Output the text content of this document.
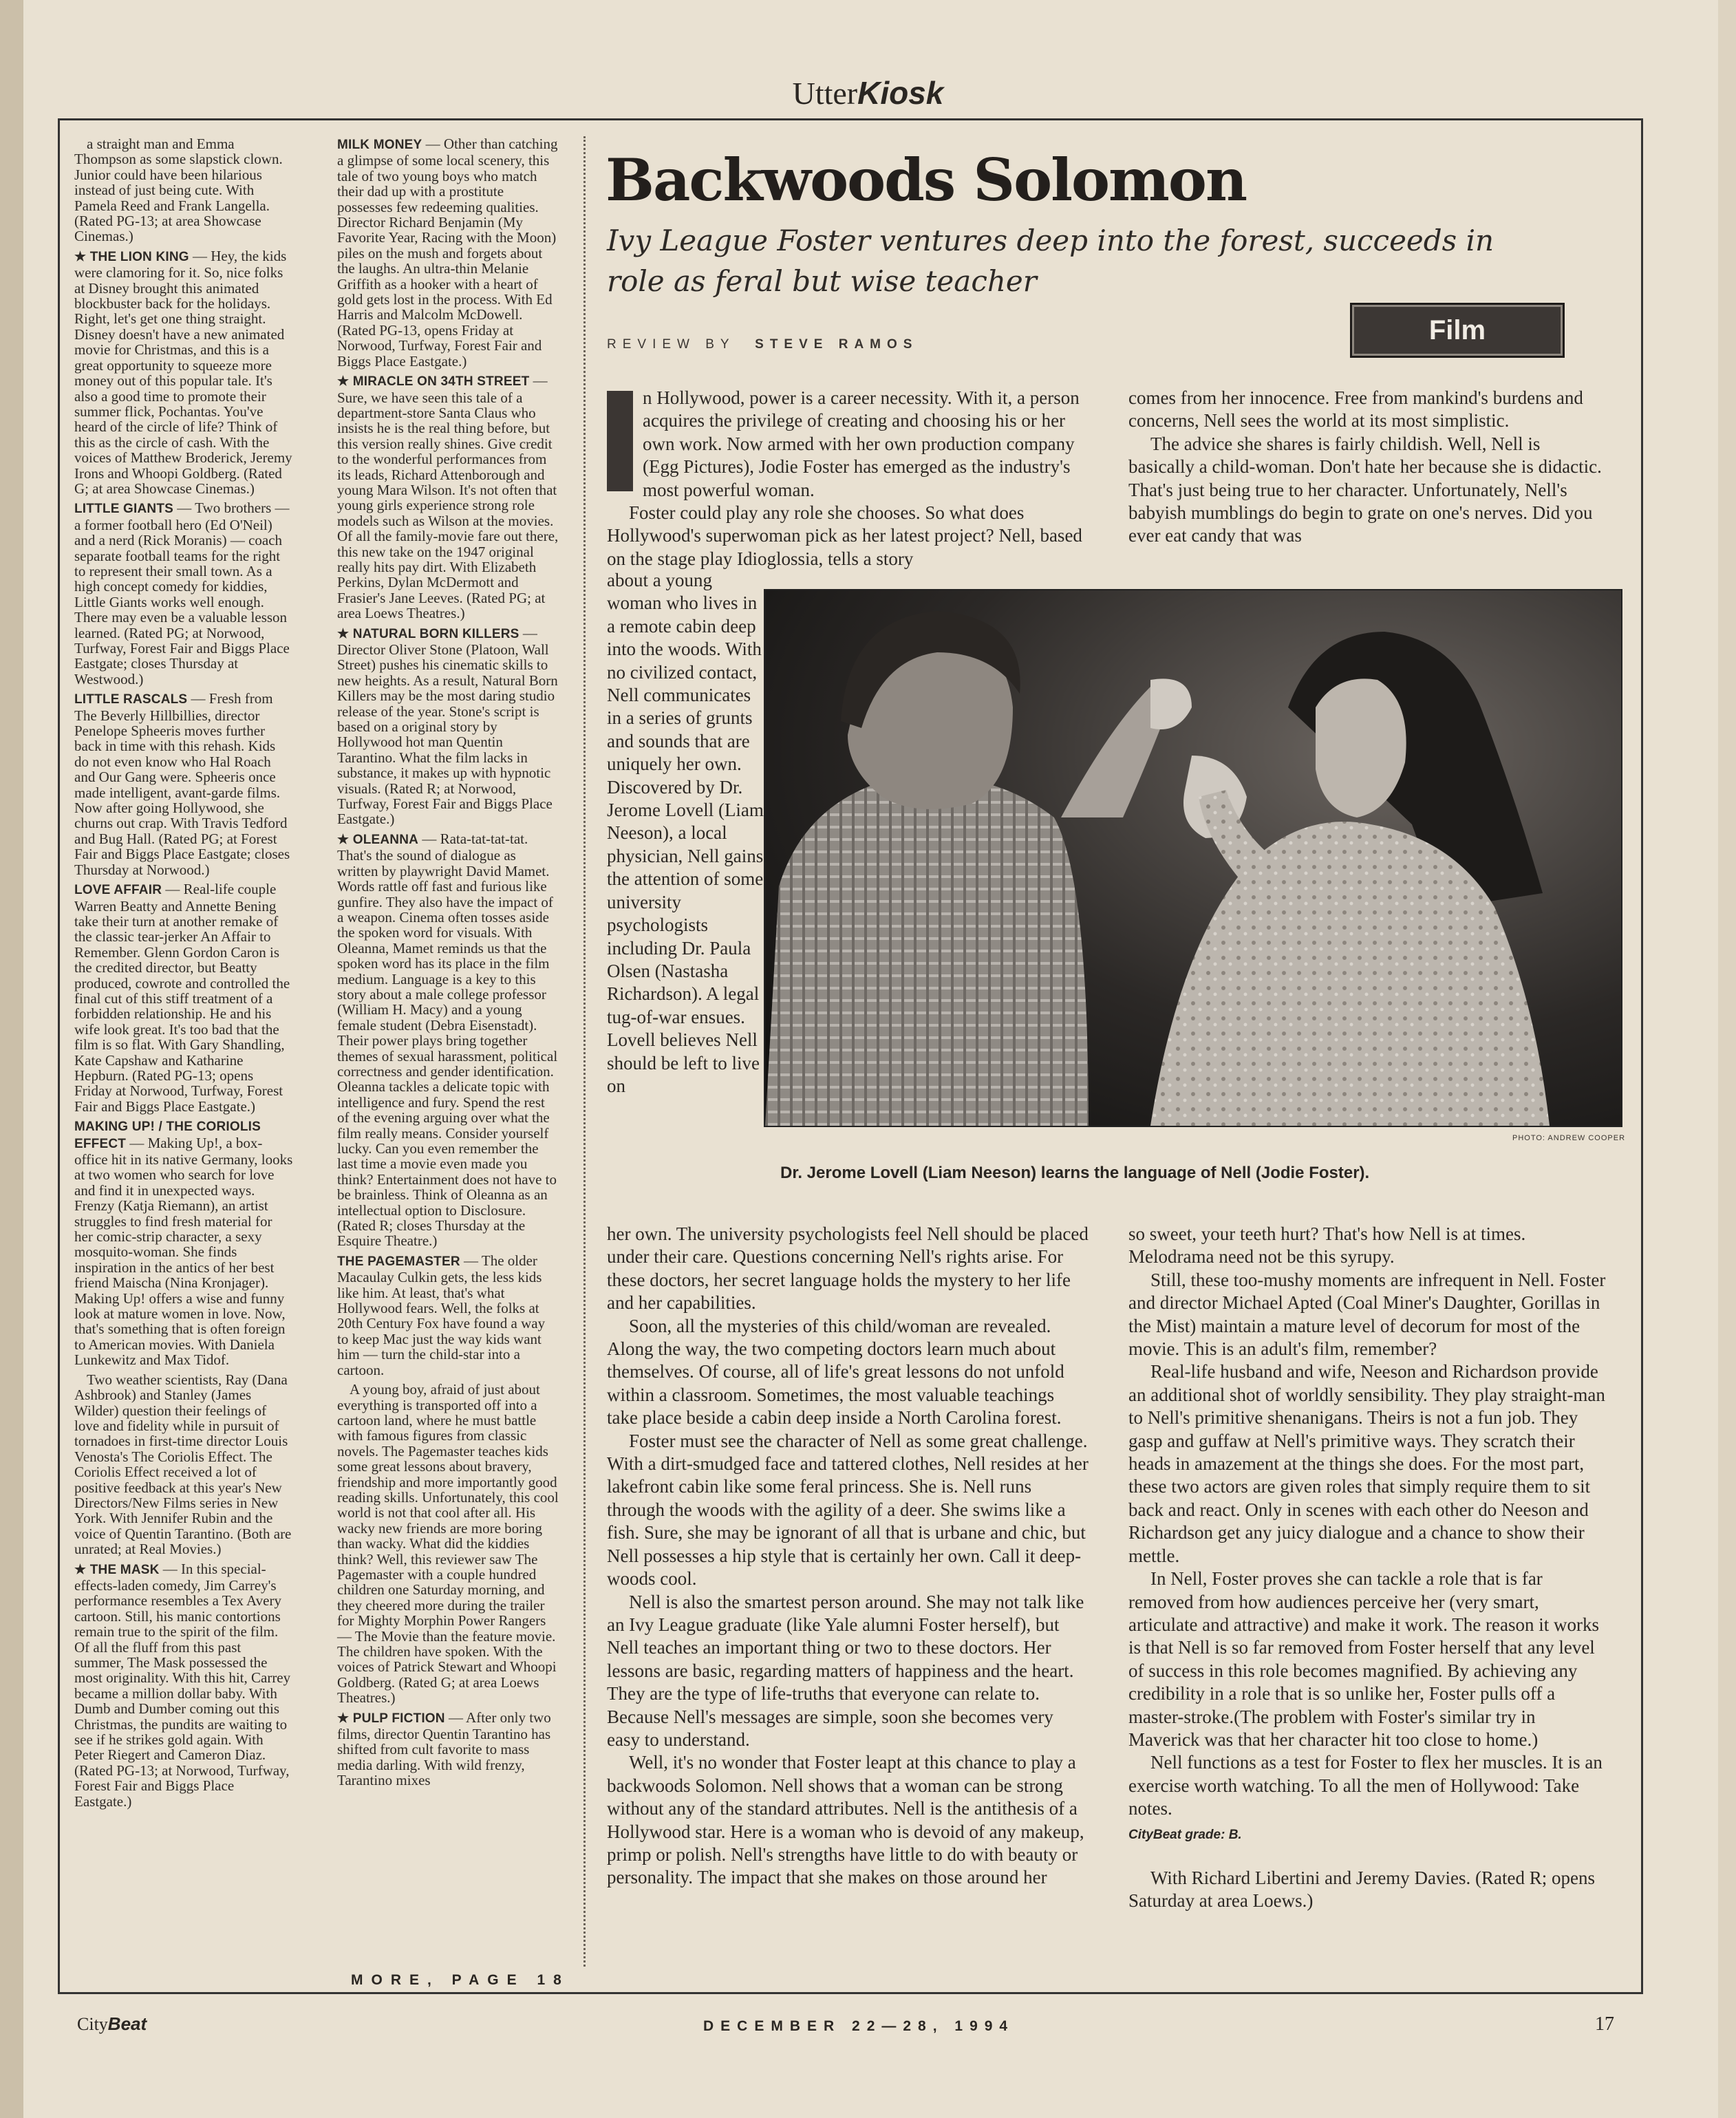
UtterKiosk

a straight man and Emma Thompson as some slapstick clown. Junior could have been hilarious instead of just being cute. With Pamela Reed and Frank Langella. (Rated PG-13; at area Showcase Cinemas.)

★ THE LION KING — Hey, the kids were clamoring for it. So, nice folks at Disney brought this animated blockbuster back for the holidays. Right, let's get one thing straight. Disney doesn't have a new animated movie for Christmas, and this is a great opportunity to squeeze more money out of this popular tale. It's also a good time to promote their summer flick, Pochantas. You've heard of the circle of life? Think of this as the circle of cash. With the voices of Matthew Broderick, Jeremy Irons and Whoopi Goldberg. (Rated G; at area Showcase Cinemas.)

LITTLE GIANTS — Two brothers — a former football hero (Ed O'Neil) and a nerd (Rick Moranis) — coach separate football teams for the right to represent their small town. As a high concept comedy for kiddies, Little Giants works well enough. There may even be a valuable lesson learned. (Rated PG; at Norwood, Turfway, Forest Fair and Biggs Place Eastgate; closes Thursday at Westwood.)

LITTLE RASCALS — Fresh from The Beverly Hillbillies, director Penelope Spheeris moves further back in time with this rehash. Kids do not even know who Hal Roach and Our Gang were. Spheeris once made intelligent, avant-garde films. Now after going Hollywood, she churns out crap. With Travis Tedford and Bug Hall. (Rated PG; at Forest Fair and Biggs Place Eastgate; closes Thursday at Norwood.)

LOVE AFFAIR — Real-life couple Warren Beatty and Annette Bening take their turn at another remake of the classic tear-jerker An Affair to Remember. Glenn Gordon Caron is the credited director, but Beatty produced, cowrote and controlled the final cut of this stiff treatment of a forbidden relationship. He and his wife look great. It's too bad that the film is so flat. With Gary Shandling, Kate Capshaw and Katharine Hepburn. (Rated PG-13; opens Friday at Norwood, Turfway, Forest Fair and Biggs Place Eastgate.)

MAKING UP! / THE CORIOLIS EFFECT — Making Up!, a box-office hit in its native Germany, looks at two women who search for love and find it in unexpected ways. Frenzy (Katja Riemann), an artist struggles to find fresh material for her comic-strip character, a sexy mosquito-woman. She finds inspiration in the antics of her best friend Maischa (Nina Kronjager). Making Up! offers a wise and funny look at mature women in love. Now, that's something that is often foreign to American movies. With Daniela Lunkewitz and Max Tidof.

Two weather scientists, Ray (Dana Ashbrook) and Stanley (James Wilder) question their feelings of love and fidelity while in pursuit of tornadoes in first-time director Louis Venosta's The Coriolis Effect. The Coriolis Effect received a lot of positive feedback at this year's New Directors/New Films series in New York. With Jennifer Rubin and the voice of Quentin Tarantino. (Both are unrated; at Real Movies.)

★ THE MASK — In this special-effects-laden comedy, Jim Carrey's performance resembles a Tex Avery cartoon. Still, his manic contortions remain true to the spirit of the film. Of all the fluff from this past summer, The Mask possessed the most originality. With this hit, Carrey became a million dollar baby. With Dumb and Dumber coming out this Christmas, the pundits are waiting to see if he strikes gold again. With Peter Riegert and Cameron Diaz. (Rated PG-13; at Norwood, Turfway, Forest Fair and Biggs Place Eastgate.)

MILK MONEY — Other than catching a glimpse of some local scenery, this tale of two young boys who match their dad up with a prostitute possesses few redeeming qualities. Director Richard Benjamin (My Favorite Year, Racing with the Moon) piles on the mush and forgets about the laughs. An ultra-thin Melanie Griffith as a hooker with a heart of gold gets lost in the process. With Ed Harris and Malcolm McDowell. (Rated PG-13, opens Friday at Norwood, Turfway, Forest Fair and Biggs Place Eastgate.)

★ MIRACLE ON 34TH STREET — Sure, we have seen this tale of a department-store Santa Claus who insists he is the real thing before, but this version really shines. Give credit to the wonderful performances from its leads, Richard Attenborough and young Mara Wilson. It's not often that young girls experience strong role models such as Wilson at the movies. Of all the family-movie fare out there, this new take on the 1947 original really hits pay dirt. With Elizabeth Perkins, Dylan McDermott and Frasier's Jane Leeves. (Rated PG; at area Loews Theatres.)

★ NATURAL BORN KILLERS — Director Oliver Stone (Platoon, Wall Street) pushes his cinematic skills to new heights. As a result, Natural Born Killers may be the most daring studio release of the year. Stone's script is based on a original story by Hollywood hot man Quentin Tarantino. What the film lacks in substance, it makes up with hypnotic visuals. (Rated R; at Norwood, Turfway, Forest Fair and Biggs Place Eastgate.)

★ OLEANNA — Rata-tat-tat-tat. That's the sound of dialogue as written by playwright David Mamet. Words rattle off fast and furious like gunfire. They also have the impact of a weapon. Cinema often tosses aside the spoken word for visuals. With Oleanna, Mamet reminds us that the spoken word has its place in the film medium. Language is a key to this story about a male college professor (William H. Macy) and a young female student (Debra Eisenstadt). Their power plays bring together themes of sexual harassment, political correctness and gender identification. Oleanna tackles a delicate topic with intelligence and fury. Spend the rest of the evening arguing over what the film really means. Consider yourself lucky. Can you even remember the last time a movie even made you think? Entertainment does not have to be brainless. Think of Oleanna as an intellectual option to Disclosure. (Rated R; closes Thursday at the Esquire Theatre.)

THE PAGEMASTER — The older Macaulay Culkin gets, the less kids like him. At least, that's what Hollywood fears. Well, the folks at 20th Century Fox have found a way to keep Mac just the way kids want him — turn the child-star into a cartoon.

A young boy, afraid of just about everything is transported off into a cartoon land, where he must battle with famous figures from classic novels. The Pagemaster teaches kids some great lessons about bravery, friendship and more importantly good reading skills. Unfortunately, this cool world is not that cool after all. His wacky new friends are more boring than wacky. What did the kiddies think? Well, this reviewer saw The Pagemaster with a couple hundred children one Saturday morning, and they cheered more during the trailer for Mighty Morphin Power Rangers — The Movie than the feature movie. The children have spoken. With the voices of Patrick Stewart and Whoopi Goldberg. (Rated G; at area Loews Theatres.)

★ PULP FICTION — After only two films, director Quentin Tarantino has shifted from cult favorite to mass media darling. With wild frenzy, Tarantino mixes

MORE, PAGE 18
Backwoods Solomon
Ivy League Foster ventures deep into the forest, succeeds in role as feral but wise teacher
REVIEW BY STEVE RAMOS	Film

n Hollywood, power is a career necessity. With it, a person acquires the privilege of creating and choosing his or her own work. Now armed with her own production company (Egg Pictures), Jodie Foster has emerged as the industry's most powerful woman.

Foster could play any role she chooses. So what does Hollywood's superwoman pick as her latest project? Nell, based on the stage play Idioglossia, tells a story

about a young woman who lives in a remote cabin deep into the woods. With no civilized contact, Nell communicates in a series of grunts and sounds that are uniquely her own. Discovered by Dr. Jerome Lovell (Liam Neeson), a local physician, Nell gains the attention of some university psychologists including Dr. Paula Olsen (Nastasha Richardson). A legal tug-of-war ensues. Lovell believes Nell should be left to live on

PHOTO: ANDREW COOPER
Dr. Jerome Lovell (Liam Neeson) learns the language of Nell (Jodie Foster).

her own. The university psychologists feel Nell should be placed under their care. Questions concerning Nell's rights arise. For these doctors, her secret language holds the mystery to her life and her capabilities.

Soon, all the mysteries of this child/woman are revealed. Along the way, the two competing doctors learn much about themselves. Of course, all of life's great lessons do not unfold within a classroom. Sometimes, the most valuable teachings take place beside a cabin deep inside a North Carolina forest.

Foster must see the character of Nell as some great challenge. With a dirt-smudged face and tattered clothes, Nell resides at her lakefront cabin like some feral princess. She is. Nell runs through the woods with the agility of a deer. She swims like a fish. Sure, she may be ignorant of all that is urbane and chic, but Nell possesses a hip style that is certainly her own. Call it deep-woods cool.

Nell is also the smartest person around. She may not talk like an Ivy League graduate (like Yale alumni Foster herself), but Nell teaches an important thing or two to these doctors. Her lessons are basic, regarding matters of happiness and the heart. They are the type of life-truths that everyone can relate to. Because Nell's messages are simple, soon she becomes very easy to understand.

Well, it's no wonder that Foster leapt at this chance to play a backwoods Solomon. Nell shows that a woman can be strong without any of the standard attributes. Nell is the antithesis of a Hollywood star. Here is a woman who is devoid of any makeup, primp or polish. Nell's strengths have little to do with beauty or personality. The impact that she makes on those around her

comes from her innocence. Free from mankind's burdens and concerns, Nell sees the world at its most simplistic.

The advice she shares is fairly childish. Well, Nell is basically a child-woman. Don't hate her because she is didactic. That's just being true to her character. Unfortunately, Nell's babyish mumblings do begin to grate on one's nerves. Did you ever eat candy that was

so sweet, your teeth hurt? That's how Nell is at times. Melodrama need not be this syrupy.

Still, these too-mushy moments are infrequent in Nell. Foster and director Michael Apted (Coal Miner's Daughter, Gorillas in the Mist) maintain a mature level of decorum for most of the movie. This is an adult's film, remember?

Real-life husband and wife, Neeson and Richardson provide an additional shot of worldly sensibility. They play straight-man to Nell's primitive shenanigans. Theirs is not a fun job. They gasp and guffaw at Nell's primitive ways. They scratch their heads in amazement at the things she does. For the most part, these two actors are given roles that simply require them to sit back and react. Only in scenes with each other do Neeson and Richardson get any juicy dialogue and a chance to show their mettle.

In Nell, Foster proves she can tackle a role that is far removed from how audiences perceive her (very smart, articulate and attractive) and make it work. The reason it works is that Nell is so far removed from Foster herself that any level of success in this role becomes magnified. By achieving any credibility in a role that is so unlike her, Foster pulls off a master-stroke.(The problem with Foster's similar try in Maverick was that her character hit too close to home.)

Nell functions as a test for Foster to flex her muscles. It is an exercise worth watching. To all the men of Hollywood: Take notes.

CityBeat grade: B.

With Richard Libertini and Jeremy Davies. (Rated R; opens Saturday at area Loews.)

CityBeat	DECEMBER 22—28, 1994	17
